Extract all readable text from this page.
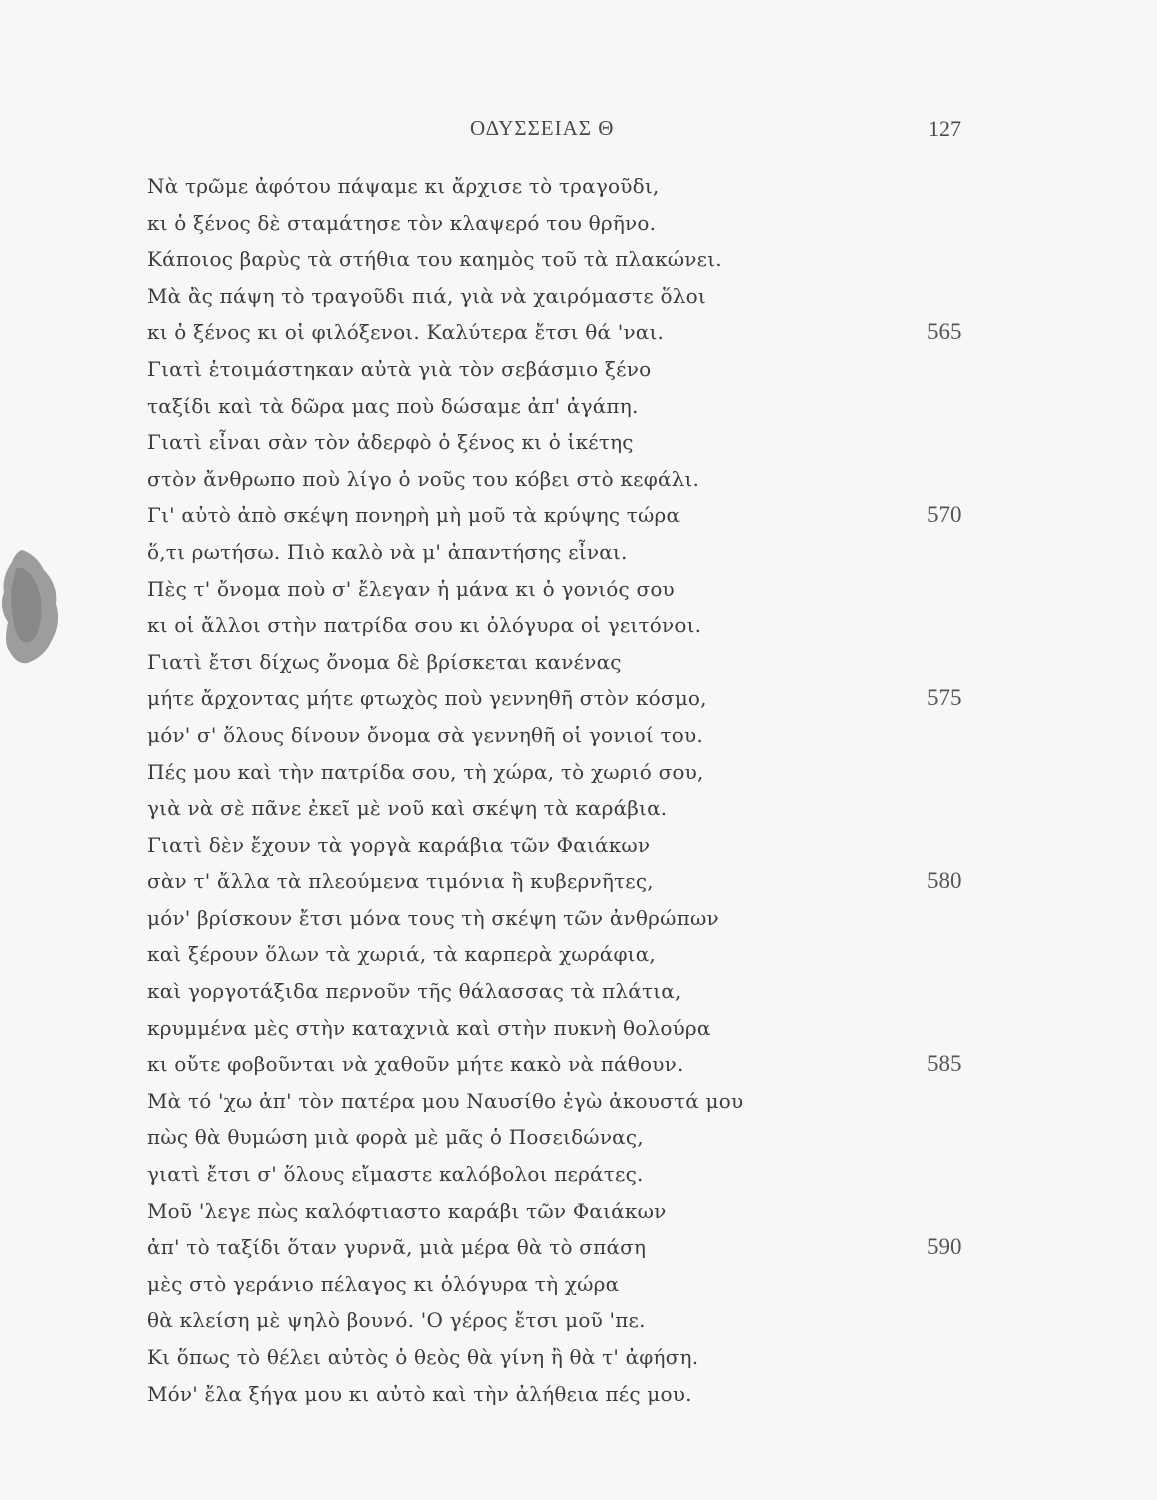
ΟΔΥΣΣΕΙΑΣ Θ	127
Νὰ τρῶμε ἀφότου πάψαμε κι ἄρχισε τὸ τραγοῦδι,
κι ὁ ξένος δὲ σταμάτησε τὸν κλαψερό του θρῆνο.
Κάποιος βαρὺς τὰ στήθια του καημὸς τοῦ τὰ πλακώνει.
Μὰ ἂς πάψη τὸ τραγοῦδι πιά, γιὰ νὰ χαιρόμαστε ὅλοι
κι ὁ ξένος κι οἱ φιλόξενοι. Καλύτερα ἔτσι θά 'ναι.	565
Γιατὶ ἑτοιμάστηκαν αὐτὰ γιὰ τὸν σεβάσμιο ξένο
ταξίδι καὶ τὰ δῶρα μας ποὺ δώσαμε ἀπ' ἀγάπη.
Γιατὶ εἶναι σὰν τὸν ἀδερφὸ ὁ ξένος κι ὁ ἱκέτης
στὸν ἄνθρωπο ποὺ λίγο ὁ νοῦς του κόβει στὸ κεφάλι.
Γι' αὐτὸ ἀπὸ σκέψη πονηρὴ μὴ μοῦ τὰ κρύψης τώρα	570
ὅ,τι ρωτήσω. Πιὸ καλὸ νὰ μ' ἀπαντήσης εἶναι.
Πὲς τ' ὄνομα ποὺ σ' ἔλεγαν ἡ μάνα κι ὁ γονιός σου
κι οἱ ἄλλοι στὴν πατρίδα σου κι ὁλόγυρα οἱ γειτόνοι.
Γιατὶ ἔτσι δίχως ὄνομα δὲ βρίσκεται κανένας
μήτε ἄρχοντας μήτε φτωχὸς ποὺ γεννηθῆ στὸν κόσμο,	575
μόν' σ' ὅλους δίνουν ὄνομα σὰ γεννηθῆ οἱ γονιοί του.
Πές μου καὶ τὴν πατρίδα σου, τὴ χώρα, τὸ χωριό σου,
γιὰ νὰ σὲ πᾶνε ἐκεῖ μὲ νοῦ καὶ σκέψη τὰ καράβια.
Γιατὶ δὲν ἔχουν τὰ γοργὰ καράβια τῶν Φαιάκων
σὰν τ' ἄλλα τὰ πλεούμενα τιμόνια ἢ κυβερνῆτες,	580
μόν' βρίσκουν ἔτσι μόνα τους τὴ σκέψη τῶν ἀνθρώπων
καὶ ξέρουν ὅλων τὰ χωριά, τὰ καρπερὰ χωράφια,
καὶ γοργοτάξιδα περνοῦν τῆς θάλασσας τὰ πλάτια,
κρυμμένα μὲς στὴν καταχνιὰ καὶ στὴν πυκνὴ θολούρα
κι οὔτε φοβοῦνται νὰ χαθοῦν μήτε κακὸ νὰ πάθουν.	585
Μὰ τό 'χω ἀπ' τὸν πατέρα μου Ναυσίθο ἐγὼ ἀκουστά μου
πὼς θὰ θυμώση μιὰ φορὰ μὲ μᾶς ὁ Ποσειδώνας,
γιατὶ ἔτσι σ' ὅλους εἴμαστε καλόβολοι περάτες.
Μοῦ 'λεγε πὼς καλόφτιαστο καράβι τῶν Φαιάκων
ἀπ' τὸ ταξίδι ὅταν γυρνᾶ, μιὰ μέρα θὰ τὸ σπάση	590
μὲς στὸ γεράνιο πέλαγος κι ὁλόγυρα τὴ χώρα
θὰ κλείση μὲ ψηλὸ βουνό. 'Ο γέρος ἔτσι μοῦ 'πε.
Κι ὅπως τὸ θέλει αὐτὸς ὁ θεὸς θὰ γίνη ἢ θὰ τ' ἀφήση.
Μόν' ἔλα ξήγα μου κι αὐτὸ καὶ τὴν ἀλήθεια πές μου.
